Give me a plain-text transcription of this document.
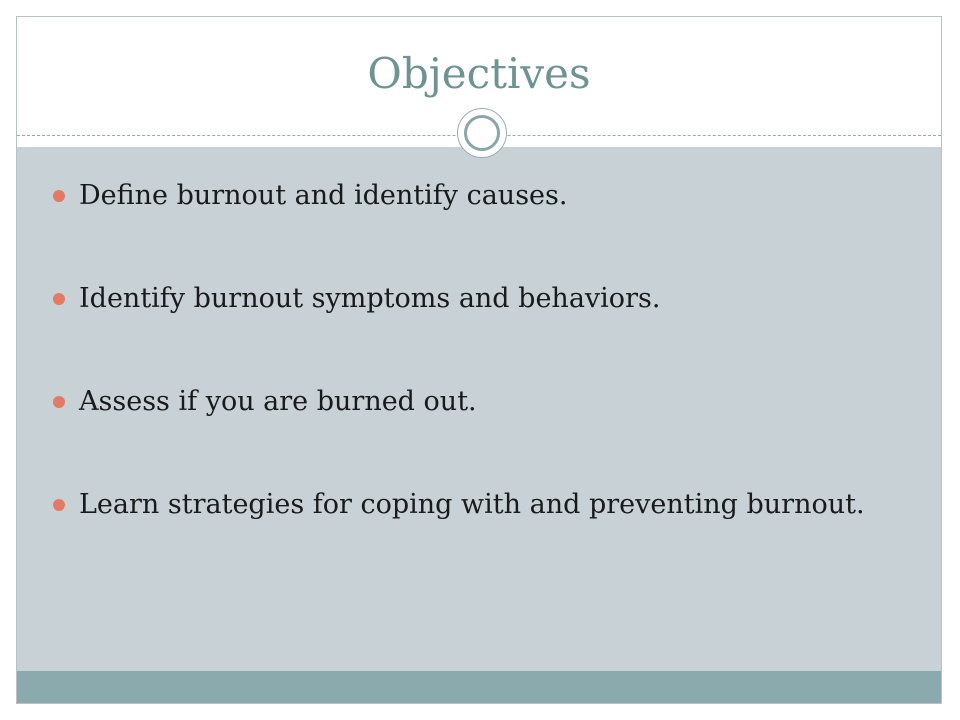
Objectives
Define burnout and identify causes.
Identify burnout symptoms and behaviors.
Assess if you are burned out.
Learn strategies for coping with and preventing burnout.
